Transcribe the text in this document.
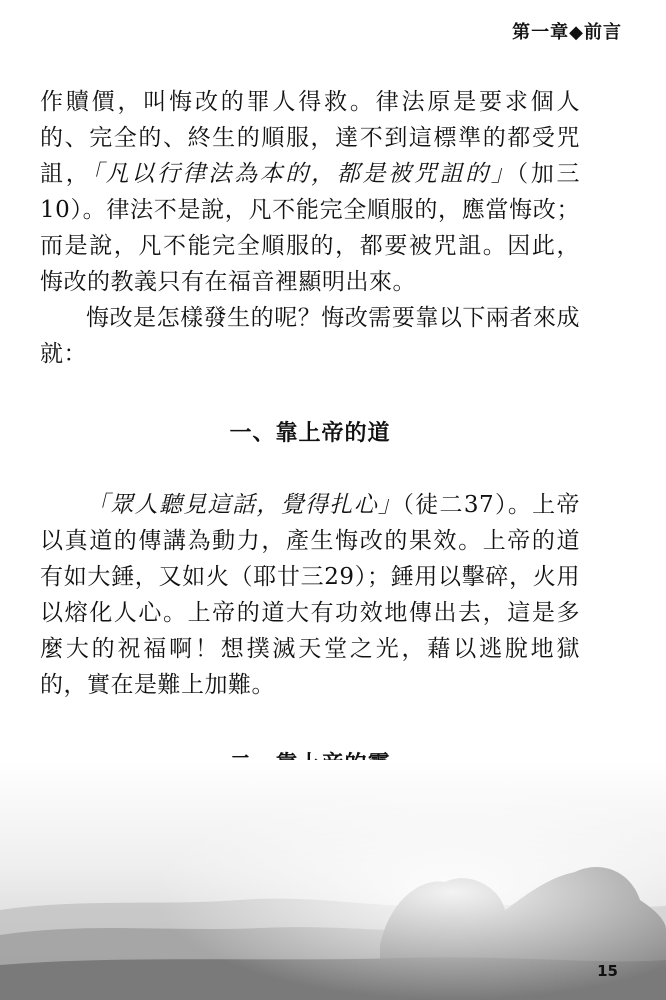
第一章◆前言

作贖價，叫悔改的罪人得救。律法原是要求個人的、完全的、終生的順服，達不到這標準的都受咒詛，「凡以行律法為本的，都是被咒詛的」（加三10）。律法不是說，凡不能完全順服的，應當悔改；而是說，凡不能完全順服的，都要被咒詛。因此，悔改的教義只有在福音裡顯明出來。

悔改是怎樣發生的呢？悔改需要靠以下兩者來成就：

一、靠上帝的道

「眾人聽見這話，覺得扎心」（徒二37）。上帝以真道的傳講為動力，產生悔改的果效。上帝的道有如大錘，又如火（耶廿三29）；錘用以擊碎，火用以熔化人心。上帝的道大有功效地傳出去，這是多麼大的祝福啊！想撲滅天堂之光，藉以逃脫地獄的，實在是難上加難。

15
